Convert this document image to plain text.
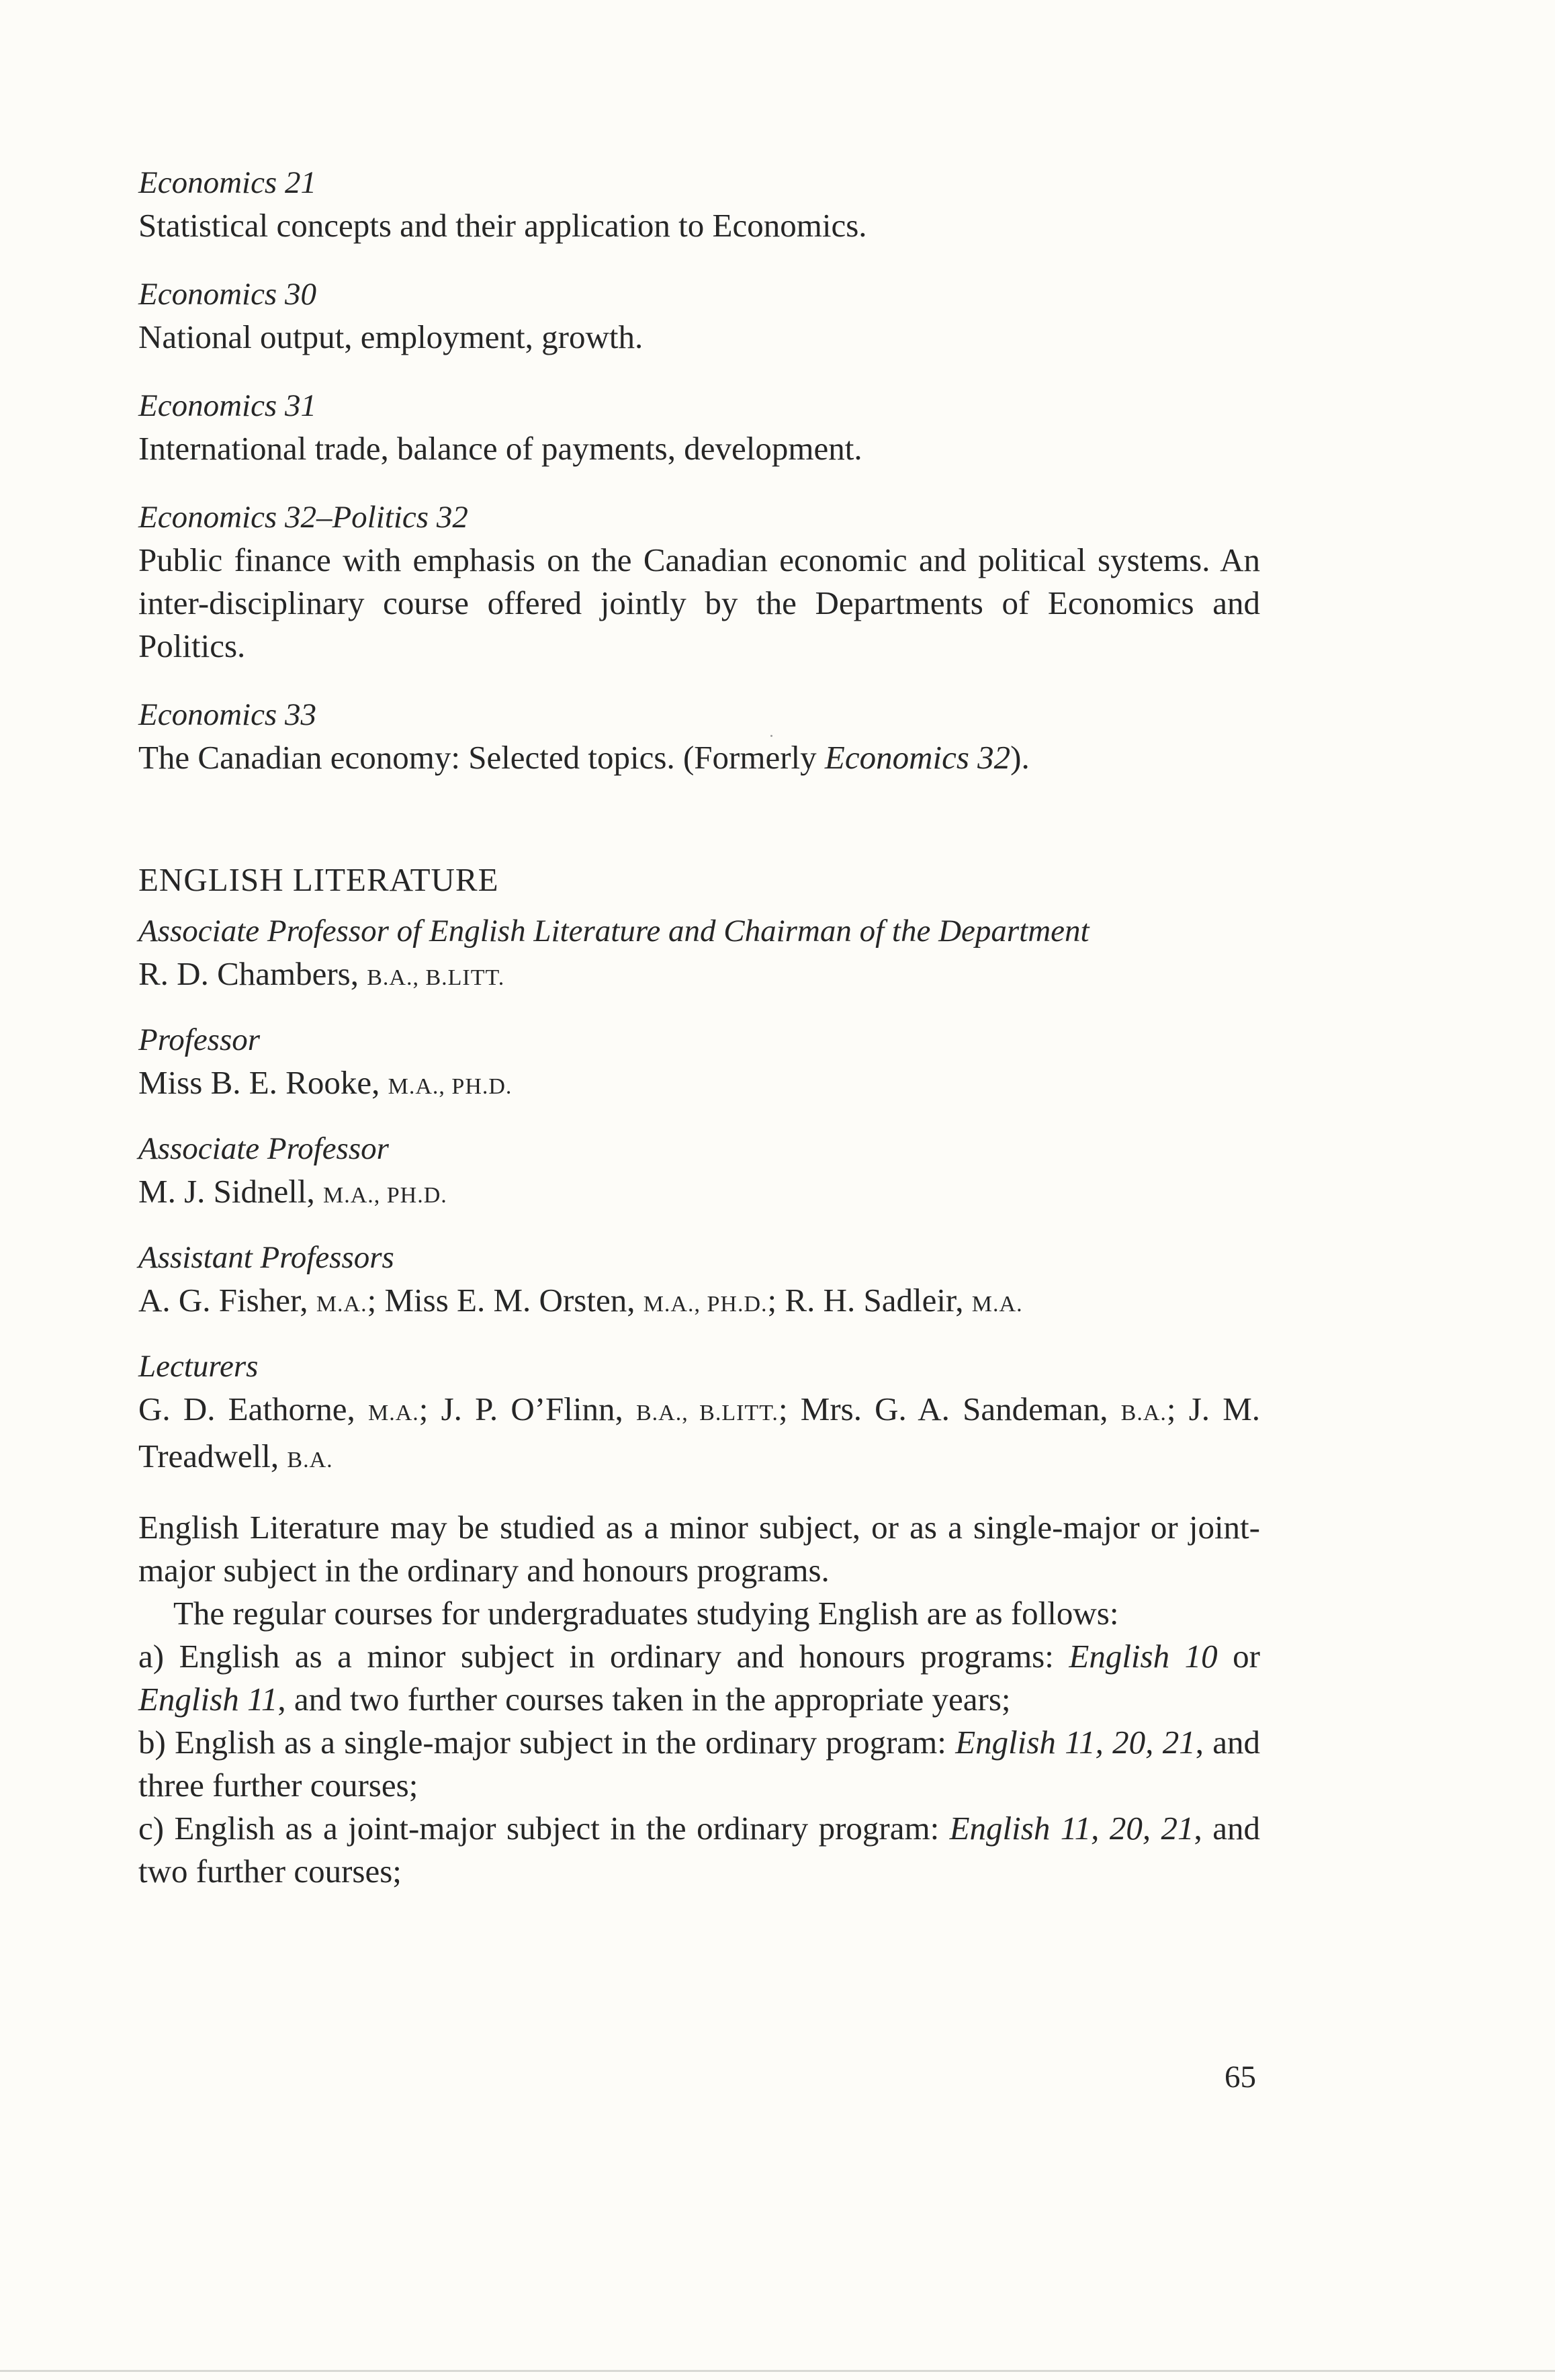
Economics 21
Statistical concepts and their application to Economics.
Economics 30
National output, employment, growth.
Economics 31
International trade, balance of payments, development.
Economics 32–Politics 32
Public finance with emphasis on the Canadian economic and political systems. An inter-disciplinary course offered jointly by the Departments of Economics and Politics.
Economics 33
The Canadian economy: Selected topics. (Formerly Economics 32).
ENGLISH LITERATURE
Associate Professor of English Literature and Chairman of the Department
R. D. Chambers, B.A., B.LITT.
Professor
Miss B. E. Rooke, M.A., PH.D.
Associate Professor
M. J. Sidnell, M.A., PH.D.
Assistant Professors
A. G. Fisher, M.A.; Miss E. M. Orsten, M.A., PH.D.; R. H. Sadleir, M.A.
Lecturers
G. D. Eathorne, M.A.; J. P. O’Flinn, B.A., B.LITT.; Mrs. G. A. Sandeman, B.A.; J. M. Treadwell, B.A.

English Literature may be studied as a minor subject, or as a single-major or joint-major subject in the ordinary and honours programs.

The regular courses for undergraduates studying English are as follows:

a) English as a minor subject in ordinary and honours programs: English 10 or English 11, and two further courses taken in the appropriate years;

b) English as a single-major subject in the ordinary program: English 11, 20, 21, and three further courses;

c) English as a joint-major subject in the ordinary program: English 11, 20, 21, and two further courses;

65
